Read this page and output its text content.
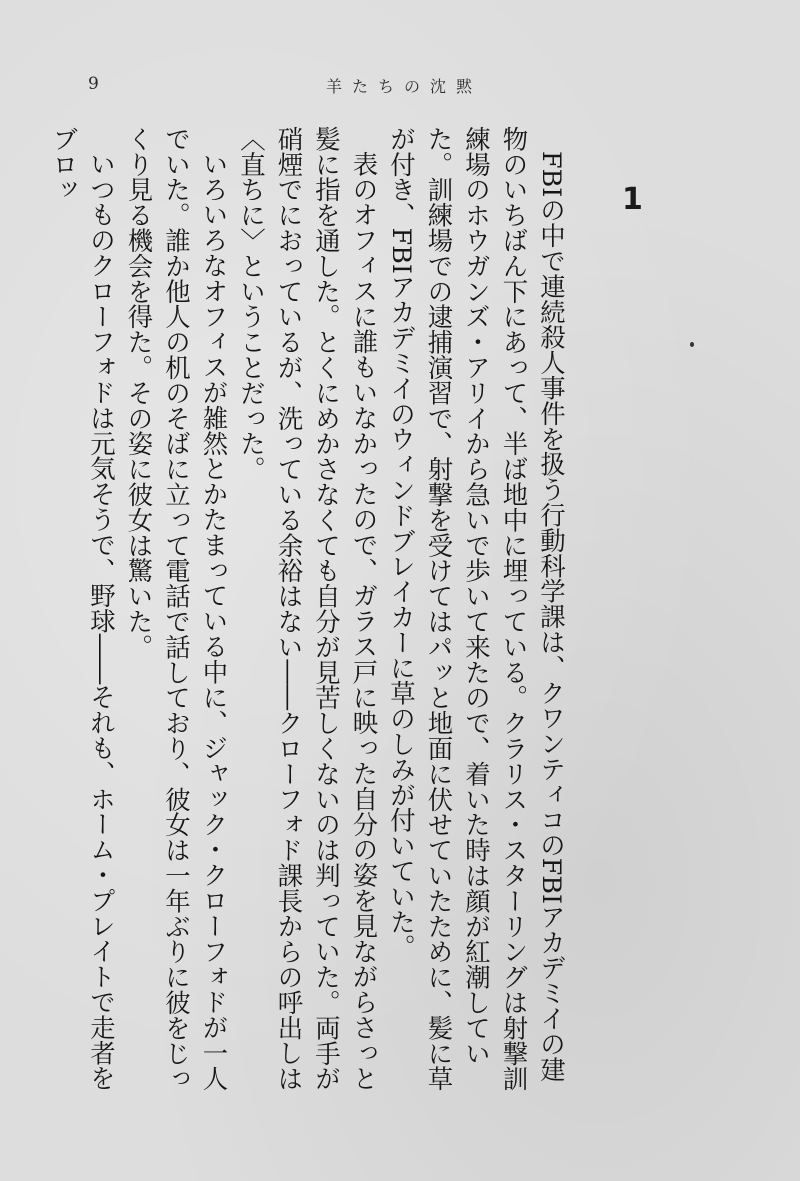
9	羊たちの沈黙
1

FBIの中で連続殺人事件を扱う行動科学課は、クワンティコのFBIアカデミイの建物のいちばん下にあって、半ば地中に埋っている。クラリス・スターリングは射撃訓練場のホウガンズ・アリイから急いで歩いて来たので、着いた時は顔が紅潮していた。訓練場での逮捕演習で、射撃を受けてはパッと地面に伏せていたために、髪に草が付き、FBIアカデミイのウィンドブレイカーに草のしみが付いていた。

表のオフィスに誰もいなかったので、ガラス戸に映った自分の姿を見ながらさっと髪に指を通した。とくにめかさなくても自分が見苦しくないのは判っていた。両手が硝煙でにおっているが、洗っている余裕はない――クローフォド課長からの呼出しは〈直ちに〉ということだった。

いろいろなオフィスが雑然とかたまっている中に、ジャック・クローフォドが一人でいた。誰か他人の机のそばに立って電話で話しており、彼女は一年ぶりに彼をじっくり見る機会を得た。その姿に彼女は驚いた。

いつものクローフォドは元気そうで、野球――それも、ホーム・プレイトで走者をブロッ
